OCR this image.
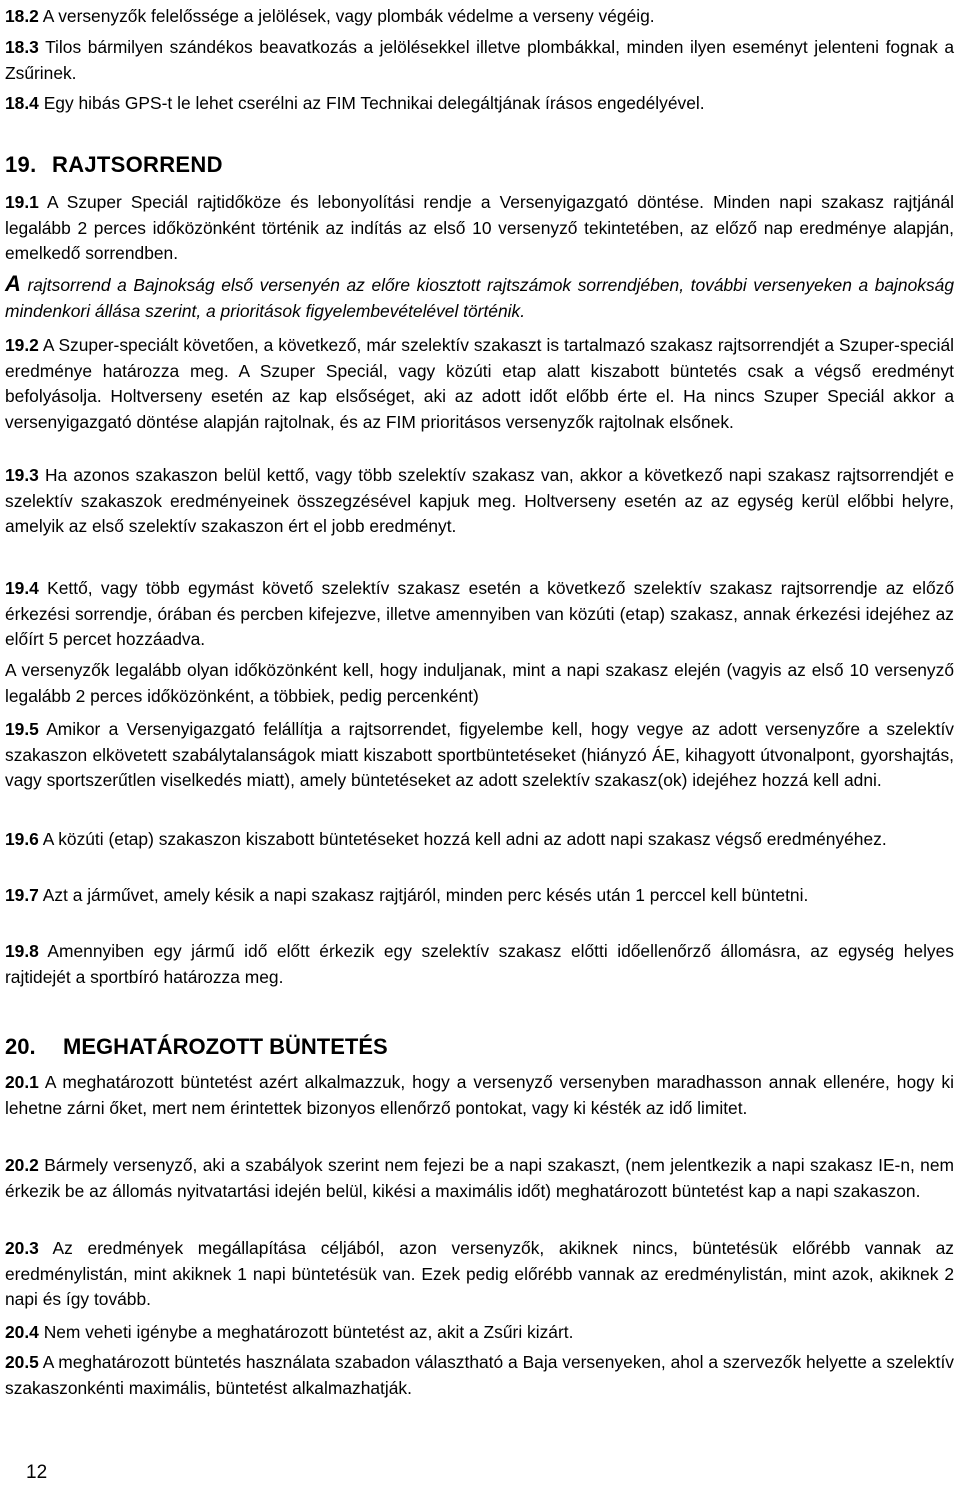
18.2 A versenyzők felelőssége a jelölések, vagy plombák védelme a verseny végéig.

18.3 Tilos bármilyen szándékos beavatkozás a jelölésekkel illetve plombákkal, minden ilyen eseményt jelenteni fognak a Zsűrinek.

18.4 Egy hibás GPS-t le lehet cserélni az FIM Technikai delegáltjának írásos engedélyével.

19. RAJTSORREND

19.1 A Szuper Speciál rajtidőköze és lebonyolítási rendje a Versenyigazgató döntése. Minden napi szakasz rajtjánál legalább 2 perces időközönként történik az indítás az első 10 versenyző tekintetében, az előző nap eredménye alapján, emelkedő sorrendben.

A rajtsorrend a Bajnokság első versenyén az előre kiosztott rajtszámok sorrendjében, további versenyeken a bajnokság mindenkori állása szerint, a prioritások figyelembevételével történik.

19.2 A Szuper-speciált követően, a következő, már szelektív szakaszt is tartalmazó szakasz rajtsorrendjét a Szuper-speciál eredménye határozza meg. A Szuper Speciál, vagy közúti etap alatt kiszabott büntetés csak a végső eredményt befolyásolja. Holtverseny esetén az kap elsőséget, aki az adott időt előbb érte el. Ha nincs Szuper Speciál akkor a versenyigazgató döntése alapján rajtolnak, és az FIM prioritásos versenyzők rajtolnak elsőnek.

19.3 Ha azonos szakaszon belül kettő, vagy több szelektív szakasz van, akkor a következő napi szakasz rajtsorrendjét e szelektív szakaszok eredményeinek összegzésével kapjuk meg. Holtverseny esetén az az egység kerül előbbi helyre, amelyik az első szelektív szakaszon ért el jobb eredményt.

19.4 Kettő, vagy több egymást követő szelektív szakasz esetén a következő szelektív szakasz rajtsorrendje az előző érkezési sorrendje, órában és percben kifejezve, illetve amennyiben van közúti (etap) szakasz, annak érkezési idejéhez az előírt 5 percet hozzáadva.

A versenyzők legalább olyan időközönként kell, hogy induljanak, mint a napi szakasz elején (vagyis az első 10 versenyző legalább 2 perces időközönként, a többiek, pedig percenként)

19.5 Amikor a Versenyigazgató felállítja a rajtsorrendet, figyelembe kell, hogy vegye az adott versenyzőre a szelektív szakaszon elkövetett szabálytalanságok miatt kiszabott sportbüntetéseket (hiányzó ÁE, kihagyott útvonalpont, gyorshajtás, vagy sportszerűtlen viselkedés miatt), amely büntetéseket az adott szelektív szakasz(ok) idejéhez hozzá kell adni.

19.6 A közúti (etap) szakaszon kiszabott büntetéseket hozzá kell adni az adott napi szakasz végső eredményéhez.

19.7 Azt a járművet, amely késik a napi szakasz rajtjáról, minden perc késés után 1 perccel kell büntetni.

19.8 Amennyiben egy jármű idő előtt érkezik egy szelektív szakasz előtti időellenőrző állomásra, az egység helyes rajtidejét a sportbíró határozza meg.

20. MEGHATÁROZOTT BÜNTETÉS

20.1 A meghatározott büntetést azért alkalmazzuk, hogy a versenyző versenyben maradhasson annak ellenére, hogy ki lehetne zárni őket, mert nem érintettek bizonyos ellenőrző pontokat, vagy ki késték az idő limitet.

20.2 Bármely versenyző, aki a szabályok szerint nem fejezi be a napi szakaszt, (nem jelentkezik a napi szakasz IE-n, nem érkezik be az állomás nyitvatartási idején belül, kikési a maximális időt) meghatározott büntetést kap a napi szakaszon.

20.3 Az eredmények megállapítása céljából, azon versenyzők, akiknek nincs, büntetésük előrébb vannak az eredménylistán, mint akiknek 1 napi büntetésük van. Ezek pedig előrébb vannak az eredménylistán, mint azok, akiknek 2 napi és így tovább.

20.4 Nem veheti igénybe a meghatározott büntetést az, akit a Zsűri kizárt.

20.5 A meghatározott büntetés használata szabadon választható a Baja versenyeken, ahol a szervezők helyette a szelektív szakaszonkénti maximális, büntetést alkalmazhatják.

12
